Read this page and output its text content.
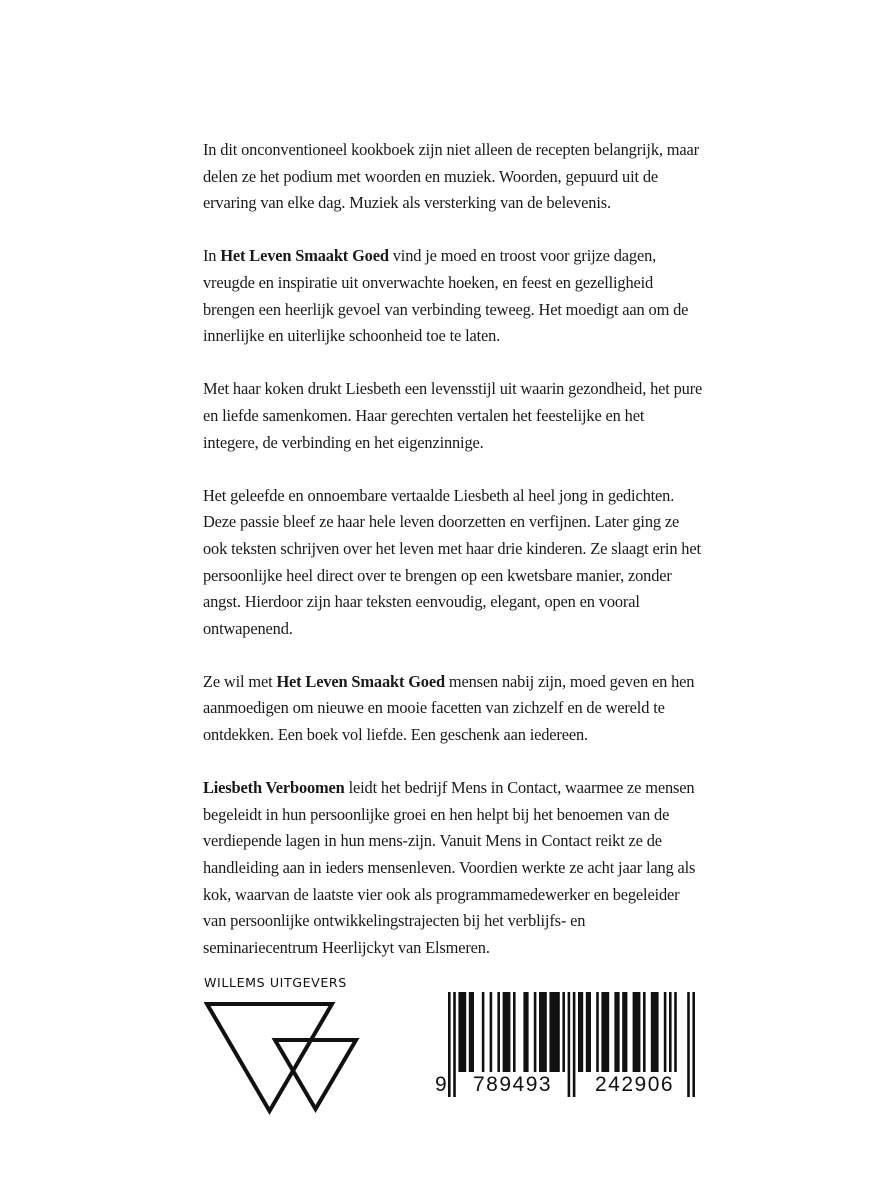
In dit onconventioneel kookboek zijn niet alleen de recepten belangrijk, maar delen ze het podium met woorden en muziek. Woorden, gepuurd uit de ervaring van elke dag. Muziek als versterking van de belevenis.

In Het Leven Smaakt Goed vind je moed en troost voor grijze dagen, vreugde en inspiratie uit onverwachte hoeken, en feest en gezelligheid brengen een heerlijk gevoel van verbinding teweeg. Het moedigt aan om de innerlijke en uiterlijke schoonheid toe te laten.

Met haar koken drukt Liesbeth een levensstijl uit waarin gezondheid, het pure en liefde samenkomen. Haar gerechten vertalen het feestelijke en het integere, de verbinding en het eigenzinnige.

Het geleefde en onnoembare vertaalde Liesbeth al heel jong in gedichten. Deze passie bleef ze haar hele leven doorzetten en verfijnen. Later ging ze ook teksten schrijven over het leven met haar drie kinderen. Ze slaagt erin het persoonlijke heel direct over te brengen op een kwetsbare manier, zonder angst. Hierdoor zijn haar teksten eenvoudig, elegant, open en vooral ontwapenend.

Ze wil met Het Leven Smaakt Goed mensen nabij zijn, moed geven en hen aanmoedigen om nieuwe en mooie facetten van zichzelf en de wereld te ontdekken. Een boek vol liefde. Een geschenk aan iedereen.

Liesbeth Verboomen leidt het bedrijf Mens in Contact, waarmee ze mensen begeleidt in hun persoonlijke groei en hen helpt bij het benoemen van de verdiepende lagen in hun mens-zijn. Vanuit Mens in Contact reikt ze de handleiding aan in ieders mensenleven. Voordien werkte ze acht jaar lang als kok, waarvan de laatste vier ook als programmamedewerker en begeleider van persoonlijke ontwikkelingstrajecten bij het verblijfs- en seminariecentrum Heerlijckyt van Elsmeren.

WILLEMS UITGEVERS
9 789493 242906
